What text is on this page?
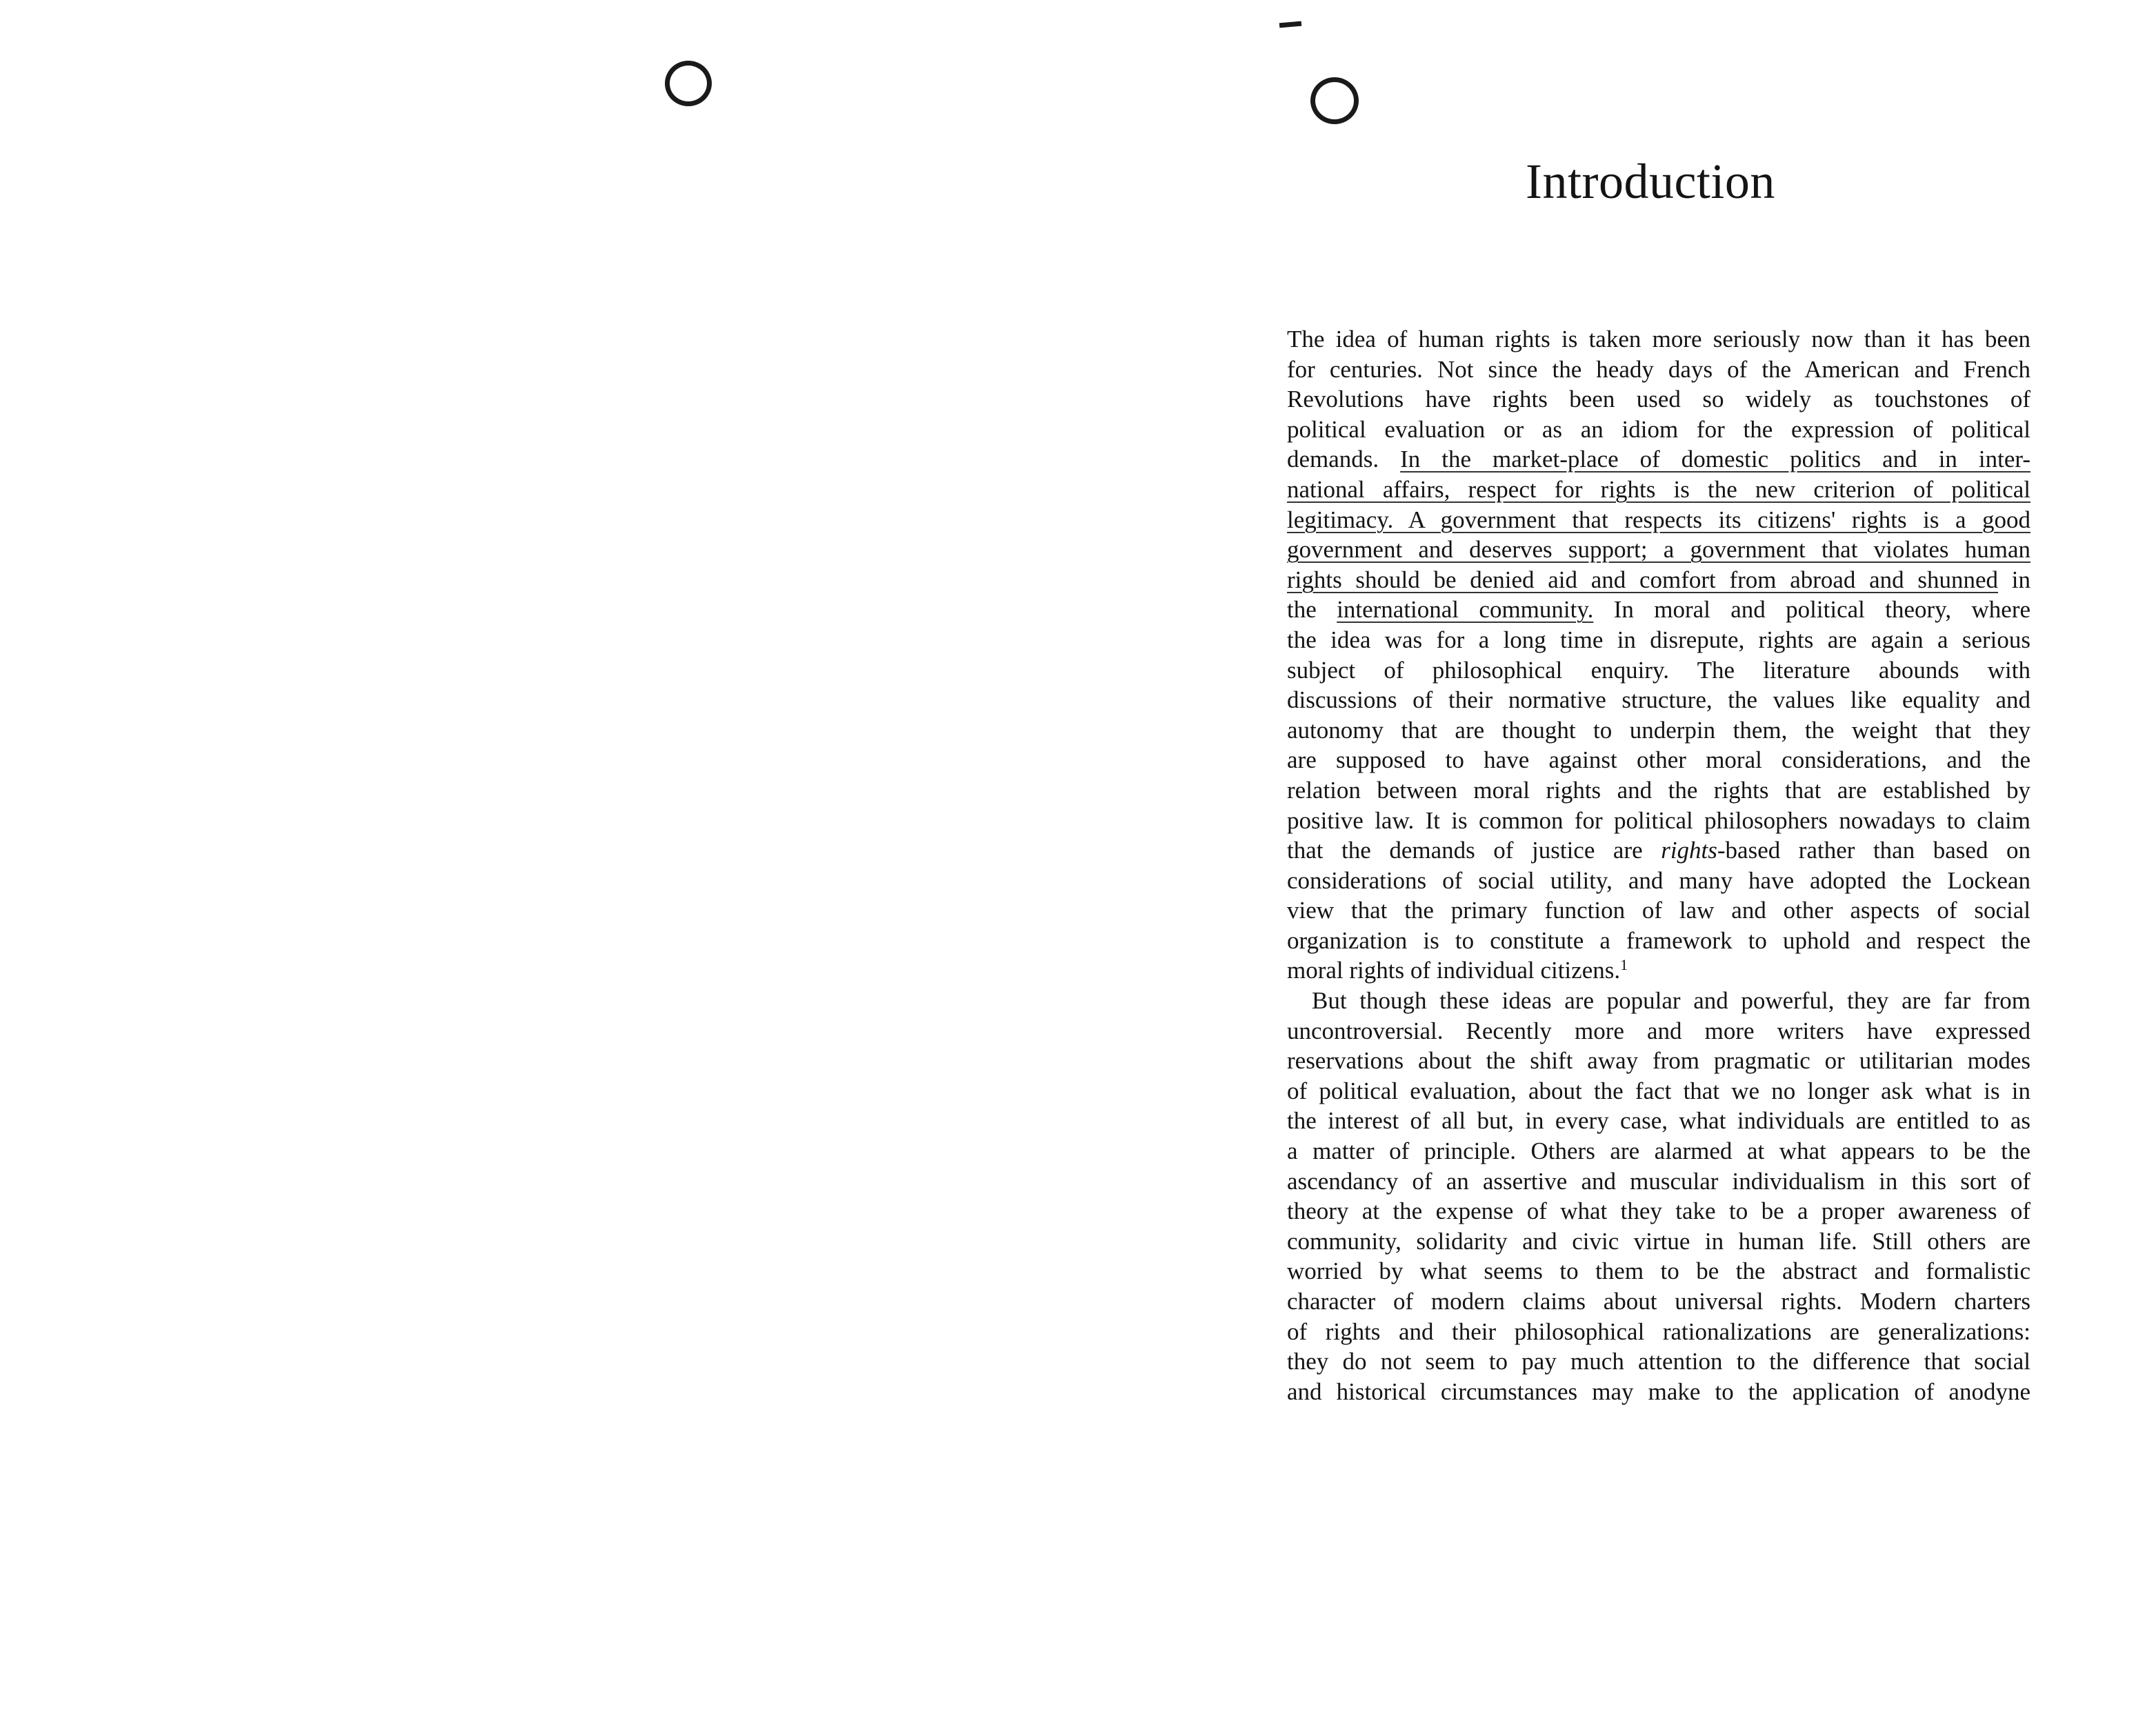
Introduction
The idea of human rights is taken more seriously now than it has been
for centuries. Not since the heady days of the American and French
Revolutions have rights been used so widely as touchstones of
political evaluation or as an idiom for the expression of political
demands. In the market-place of domestic politics and in inter-
national affairs, respect for rights is the new criterion of political
legitimacy. A government that respects its citizens' rights is a good
government and deserves support; a government that violates human
rights should be denied aid and comfort from abroad and shunned in
the international community. In moral and political theory, where
the idea was for a long time in disrepute, rights are again a serious
subject of philosophical enquiry. The literature abounds with
discussions of their normative structure, the values like equality and
autonomy that are thought to underpin them, the weight that they
are supposed to have against other moral considerations, and the
relation between moral rights and the rights that are established by
positive law. It is common for political philosophers nowadays to claim
that the demands of justice are rights-based rather than based on
considerations of social utility, and many have adopted the Lockean
view that the primary function of law and other aspects of social
organization is to constitute a framework to uphold and respect the
moral rights of individual citizens.$^1$
But though these ideas are popular and powerful, they are far from
uncontroversial. Recently more and more writers have expressed
reservations about the shift away from pragmatic or utilitarian modes
of political evaluation, about the fact that we no longer ask what is in
the interest of all but, in every case, what individuals are entitled to as
a matter of principle. Others are alarmed at what appears to be the
ascendancy of an assertive and muscular individualism in this sort of
theory at the expense of what they take to be a proper awareness of
community, solidarity and civic virtue in human life. Still others are
worried by what seems to them to be the abstract and formalistic
character of modern claims about universal rights. Modern charters
of rights and their philosophical rationalizations are generalizations:
they do not seem to pay much attention to the difference that social
and historical circumstances may make to the application of anodyne
